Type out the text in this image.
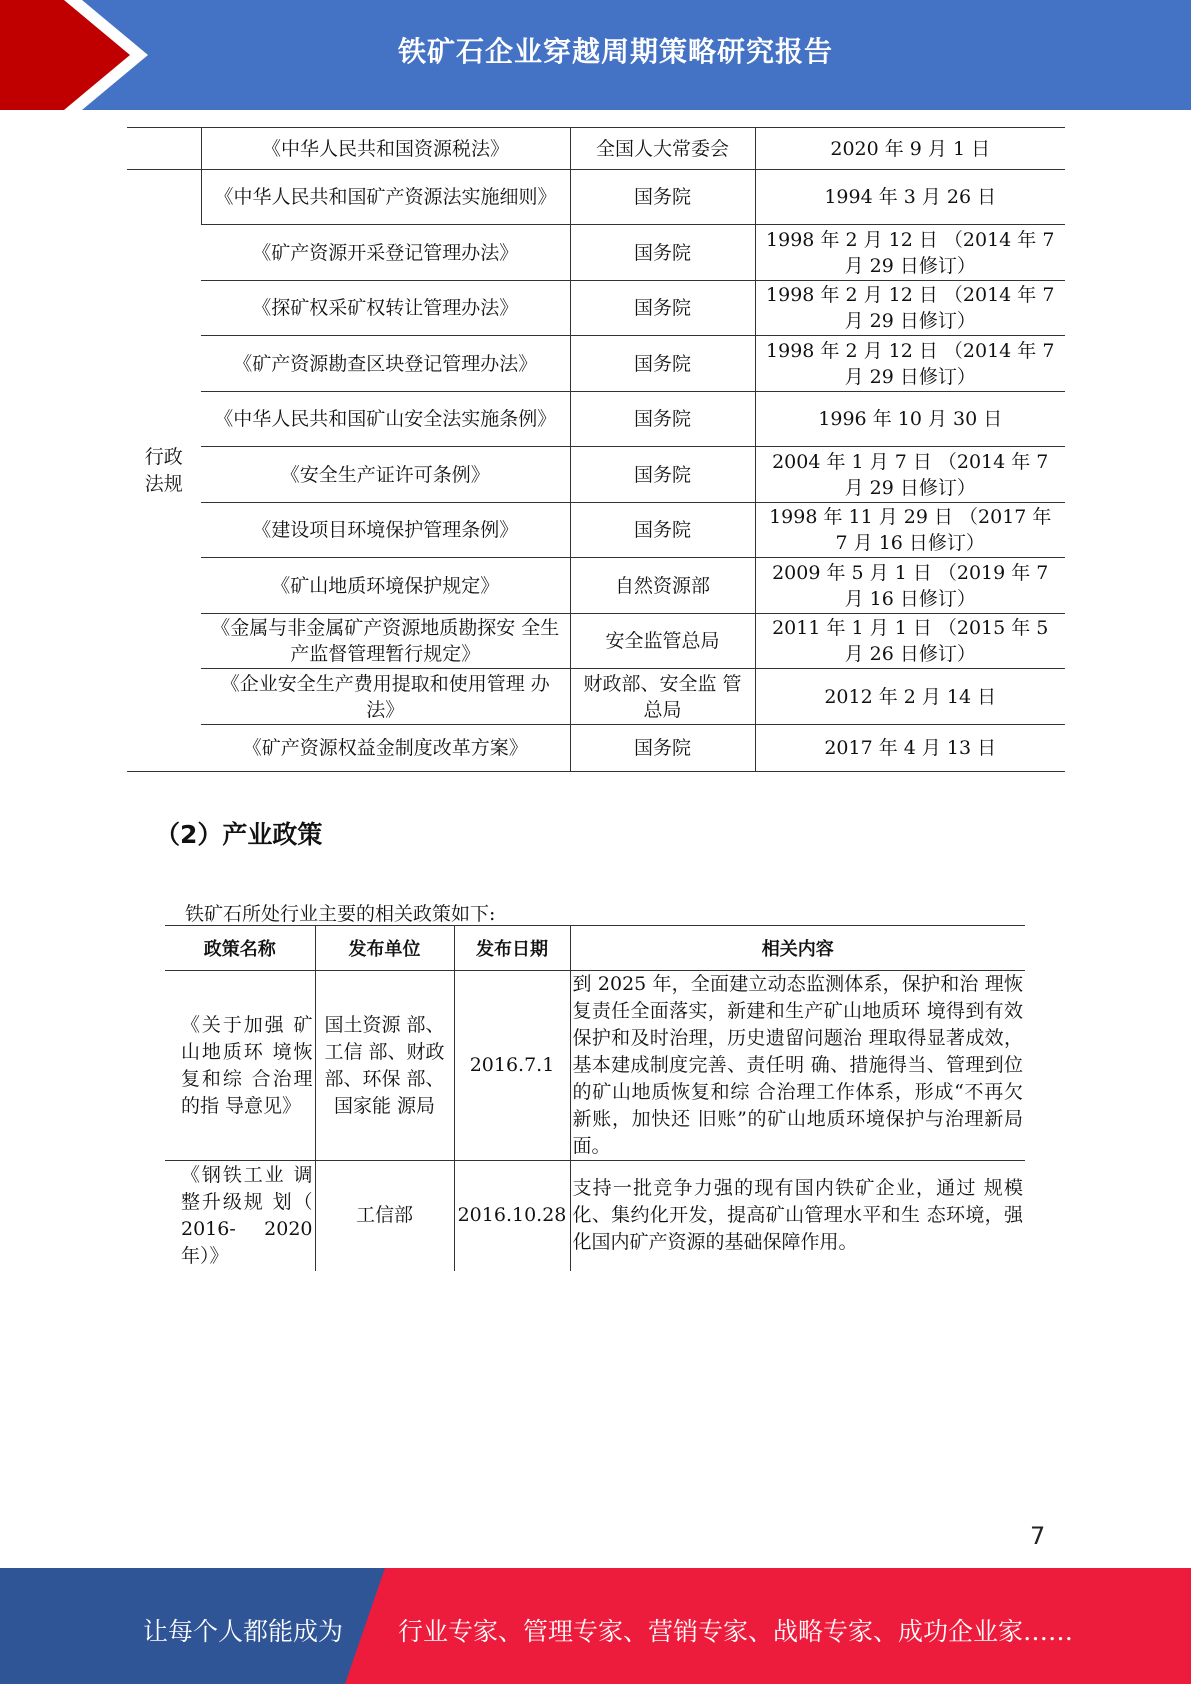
铁矿石企业穿越周期策略研究报告
	《中华人民共和国资源税法》	全国人大常委会	2020 年 9 月 1 日
行政法规	《中华人民共和国矿产资源法实施细则》	国务院	1994 年 3 月 26 日
	《矿产资源开采登记管理办法》	国务院	1998 年 2 月 12 日 （2014 年 7 月 29 日修订）
	《探矿权采矿权转让管理办法》	国务院	1998 年 2 月 12 日 （2014 年 7 月 29 日修订）
	《矿产资源勘查区块登记管理办法》	国务院	1998 年 2 月 12 日 （2014 年 7 月 29 日修订）
	《中华人民共和国矿山安全法实施条例》	国务院	1996 年 10 月 30 日
	《安全生产证许可条例》	国务院	2004 年 1 月 7 日 （2014 年 7 月 29 日修订）
	《建设项目环境保护管理条例》	国务院	1998 年 11 月 29 日 （2017 年 7 月 16 日修订）
	《矿山地质环境保护规定》	自然资源部	2009 年 5 月 1 日 （2019 年 7 月 16 日修订）
	《金属与非金属矿产资源地质勘探安 全生产监督管理暂行规定》	安全监管总局	2011 年 1 月 1 日 （2015 年 5 月 26 日修订）
	《企业安全生产费用提取和使用管理 办法》	财政部、安全监 管总局	2012 年 2 月 14 日
	《矿产资源权益金制度改革方案》	国务院	2017 年 4 月 13 日
（2）产业政策
铁矿石所处行业主要的相关政策如下:
政策名称	发布单位	发布日期	相关内容
《关于加强 矿山地质环 境恢复和综 合治理的指 导意见》	国土资源 部、工信 部、财政部、环保 部、国家能 源局	2016.7.1	到 2025 年，全面建立动态监测体系，保护和治 理恢复责任全面落实，新建和生产矿山地质环 境得到有效保护和及时治理，历史遗留问题治 理取得显著成效，基本建成制度完善、责任明 确、措施得当、管理到位的矿山地质恢复和综 合治理工作体系，形成“不再欠新账，加快还 旧账”的矿山地质环境保护与治理新局面。
《钢铁工业 调整升级规 划（ 2016- 2020 年）》	工信部	2016.10.28	支持一批竞争力强的现有国内铁矿企业，通过 规模化、集约化开发，提高矿山管理水平和生 态环境，强化国内矿产资源的基础保障作用。
7
让每个人都能成为 行业专家、管理专家、营销专家、战略专家、成功企业家……
